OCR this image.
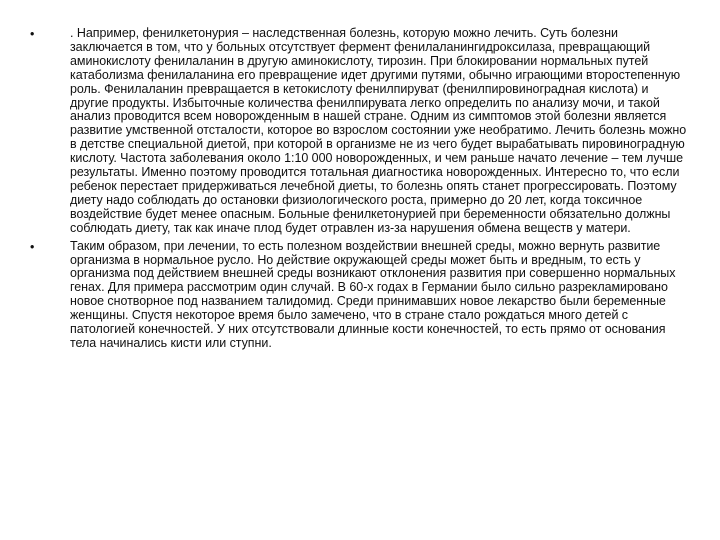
•	. Например, фенилкетонурия – наследственная болезнь, которую можно лечить. Суть болезни заключается в том, что у больных отсутствует фермент фенилаланингидроксилаза, превращающий аминокислоту фенилаланин в другую аминокислоту, тирозин. При блокировании нормальных путей катаболизма фенилаланина его превращение идет другими путями, обычно играющими второстепенную роль. Фенилаланин превращается в кетокислоту фенилпируват (фенилпировиноградная кислота) и другие продукты. Избыточные количества фенилпирувата легко определить по анализу мочи, и такой анализ проводится всем новорожденным в нашей стране. Одним из симптомов этой болезни является развитие умственной отсталости, которое во взрослом состоянии уже необратимо. Лечить болезнь можно в детстве специальной диетой, при которой в организме не из чего будет вырабатывать пировиноградную кислоту. Частота заболевания около 1:10 000 новорожденных, и чем раньше начато лечение – тем лучше результаты. Именно поэтому проводится тотальная диагностика новорожденных. Интересно то, что если ребенок перестает придерживаться лечебной диеты, то болезнь опять станет прогрессировать. Поэтому диету надо соблюдать до остановки физиологического роста, примерно до 20 лет, когда токсичное воздействие будет менее опасным. Больные фенилкетонурией при беременности обязательно должны соблюдать диету, так как иначе плод будет отравлен из-за нарушения обмена веществ у матери.
•	Таким образом, при лечении, то есть полезном воздействии внешней среды, можно вернуть развитие организма в нормальное русло. Но действие окружающей среды может быть и вредным, то есть у организма под действием внешней среды возникают отклонения развития при совершенно нормальных генах. Для примера рассмотрим один случай. В 60-х годах в Германии было сильно разрекламировано новое снотворное под названием талидомид. Среди принимавших новое лекарство были беременные женщины. Спустя некоторое время было замечено, что в стране стало рождаться много детей с патологией конечностей. У них отсутствовали длинные кости конечностей, то есть прямо от основания тела начинались кисти или ступни.
